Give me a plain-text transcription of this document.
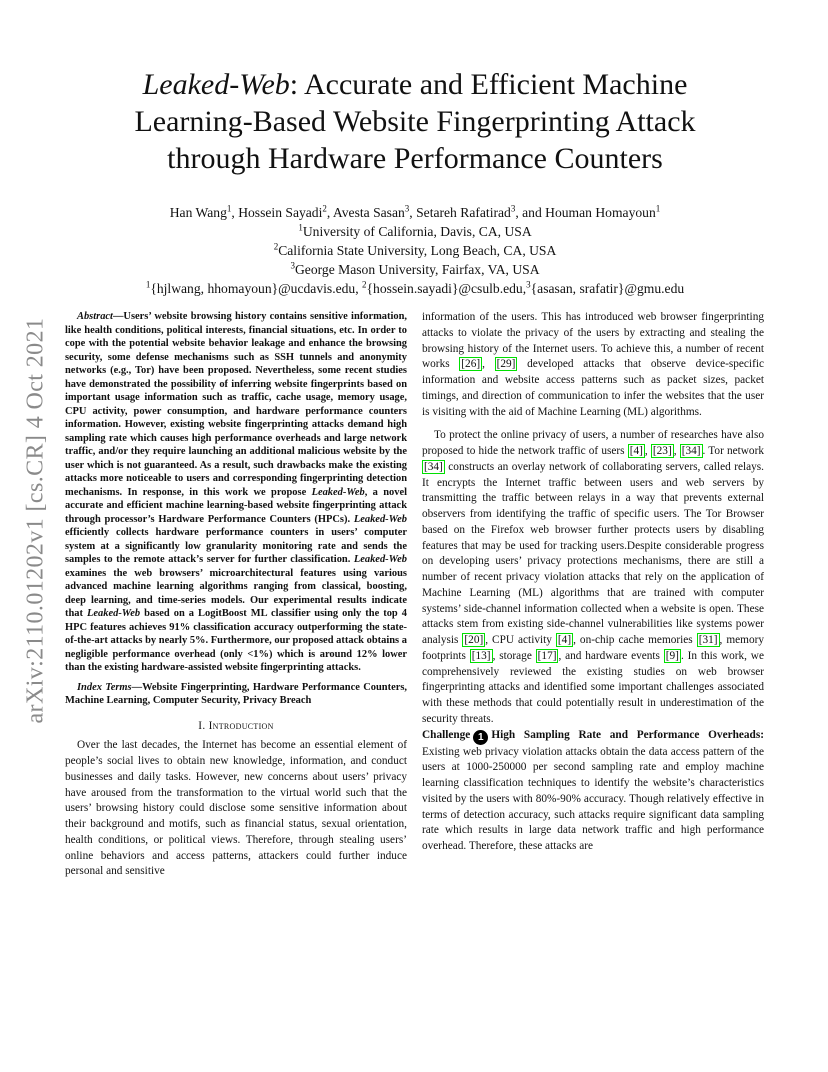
arXiv:2110.01202v1 [cs.CR] 4 Oct 2021
Leaked-Web: Accurate and Efficient Machine
Learning-Based Website Fingerprinting Attack
through Hardware Performance Counters
Han Wang$^1$, Hossein Sayadi$^2$, Avesta Sasan$^3$, Setareh Rafatirad$^3$, and Houman Homayoun$^1$
$^1$University of California, Davis, CA, USA
$^2$California State University, Long Beach, CA, USA
$^3$George Mason University, Fairfax, VA, USA
$^1${hjlwang, hhomayoun}@ucdavis.edu, $^2${hossein.sayadi}@csulb.edu,$^3${asasan, srafatir}@gmu.edu

Abstract—Users’ website browsing history contains sensitive information, like health conditions, political interests, financial situations, etc. In order to cope with the potential website behavior leakage and enhance the browsing security, some defense mechanisms such as SSH tunnels and anonymity networks (e.g., Tor) have been proposed. Nevertheless, some recent studies have demonstrated the possibility of inferring website fingerprints based on important usage information such as traffic, cache usage, memory usage, CPU activity, power consumption, and hardware performance counters information. However, existing website fingerprinting attacks demand high sampling rate which causes high performance overheads and large network traffic, and/or they require launching an additional malicious website by the user which is not guaranteed. As a result, such drawbacks make the existing attacks more noticeable to users and corresponding fingerprinting detection mechanisms. In response, in this work we propose Leaked-Web, a novel accurate and efficient machine learning-based website fingerprinting attack through processor’s Hardware Performance Counters (HPCs). Leaked-Web efficiently collects hardware performance counters in users’ computer system at a significantly low granularity monitoring rate and sends the samples to the remote attack’s server for further classification. Leaked-Web examines the web browsers’ microarchitectural features using various advanced machine learning algorithms ranging from classical, boosting, deep learning, and time-series models. Our experimental results indicate that Leaked-Web based on a LogitBoost ML classifier using only the top 4 HPC features achieves 91% classification accuracy outperforming the state-of-the-art attacks by nearly 5%. Furthermore, our proposed attack obtains a negligible performance overhead (only <1%) which is around 12% lower than the existing hardware-assisted website fingerprinting attacks.

Index Terms—Website Fingerprinting, Hardware Performance Counters, Machine Learning, Computer Security, Privacy Breach

I. Introduction

Over the last decades, the Internet has become an essential element of people’s social lives to obtain new knowledge, information, and conduct businesses and daily tasks. However, new concerns about users’ privacy have aroused from the transformation to the virtual world such that the users’ browsing history could disclose some sensitive information about their background and motifs, such as financial status, sexual orientation, health conditions, or political views. Therefore, through stealing users’ online behaviors and access patterns, attackers could further induce personal and sensitive

information of the users. This has introduced web browser fingerprinting attacks to violate the privacy of the users by extracting and stealing the browsing history of the Internet users. To achieve this, a number of recent works [26] , [29] developed attacks that observe device-specific information and website access patterns such as packet sizes, packet timings, and direction of communication to infer the websites that the user is visiting with the aid of Machine Learning (ML) algorithms.

To protect the online privacy of users, a number of researches have also proposed to hide the network traffic of users [4] , [23] , [34] . Tor network [34] constructs an overlay network of collaborating servers, called relays. It encrypts the Internet traffic between users and web servers by transmitting the traffic between relays in a way that prevents external observers from identifying the traffic of specific users. The Tor Browser based on the Firefox web browser further protects users by disabling features that may be used for tracking users.Despite considerable progress on developing users’ privacy protections mechanisms, there are still a number of recent privacy violation attacks that rely on the application of Machine Learning (ML) algorithms that are trained with computer systems’ side-channel information collected when a website is open. These attacks stem from existing side-channel vulnerabilities like systems power analysis [20] , CPU activity [4] , on-chip cache memories [31] , memory footprints [13] , storage [17] , and hardware events [9] . In this work, we comprehensively reviewed the existing studies on web browser fingerprinting attacks and identified some important challenges associated with these methods that could potentially result in underestimation of the security threats.

Challenge 1 High Sampling Rate and Performance Overheads: Existing web privacy violation attacks obtain the data access pattern of the users at 1000-250000 per second sampling rate and employ machine learning classification techniques to identify the website’s characteristics visited by the users with 80%-90% accuracy. Though relatively effective in terms of detection accuracy, such attacks require significant data sampling rate which results in large data network traffic and high performance overhead. Therefore, these attacks are
